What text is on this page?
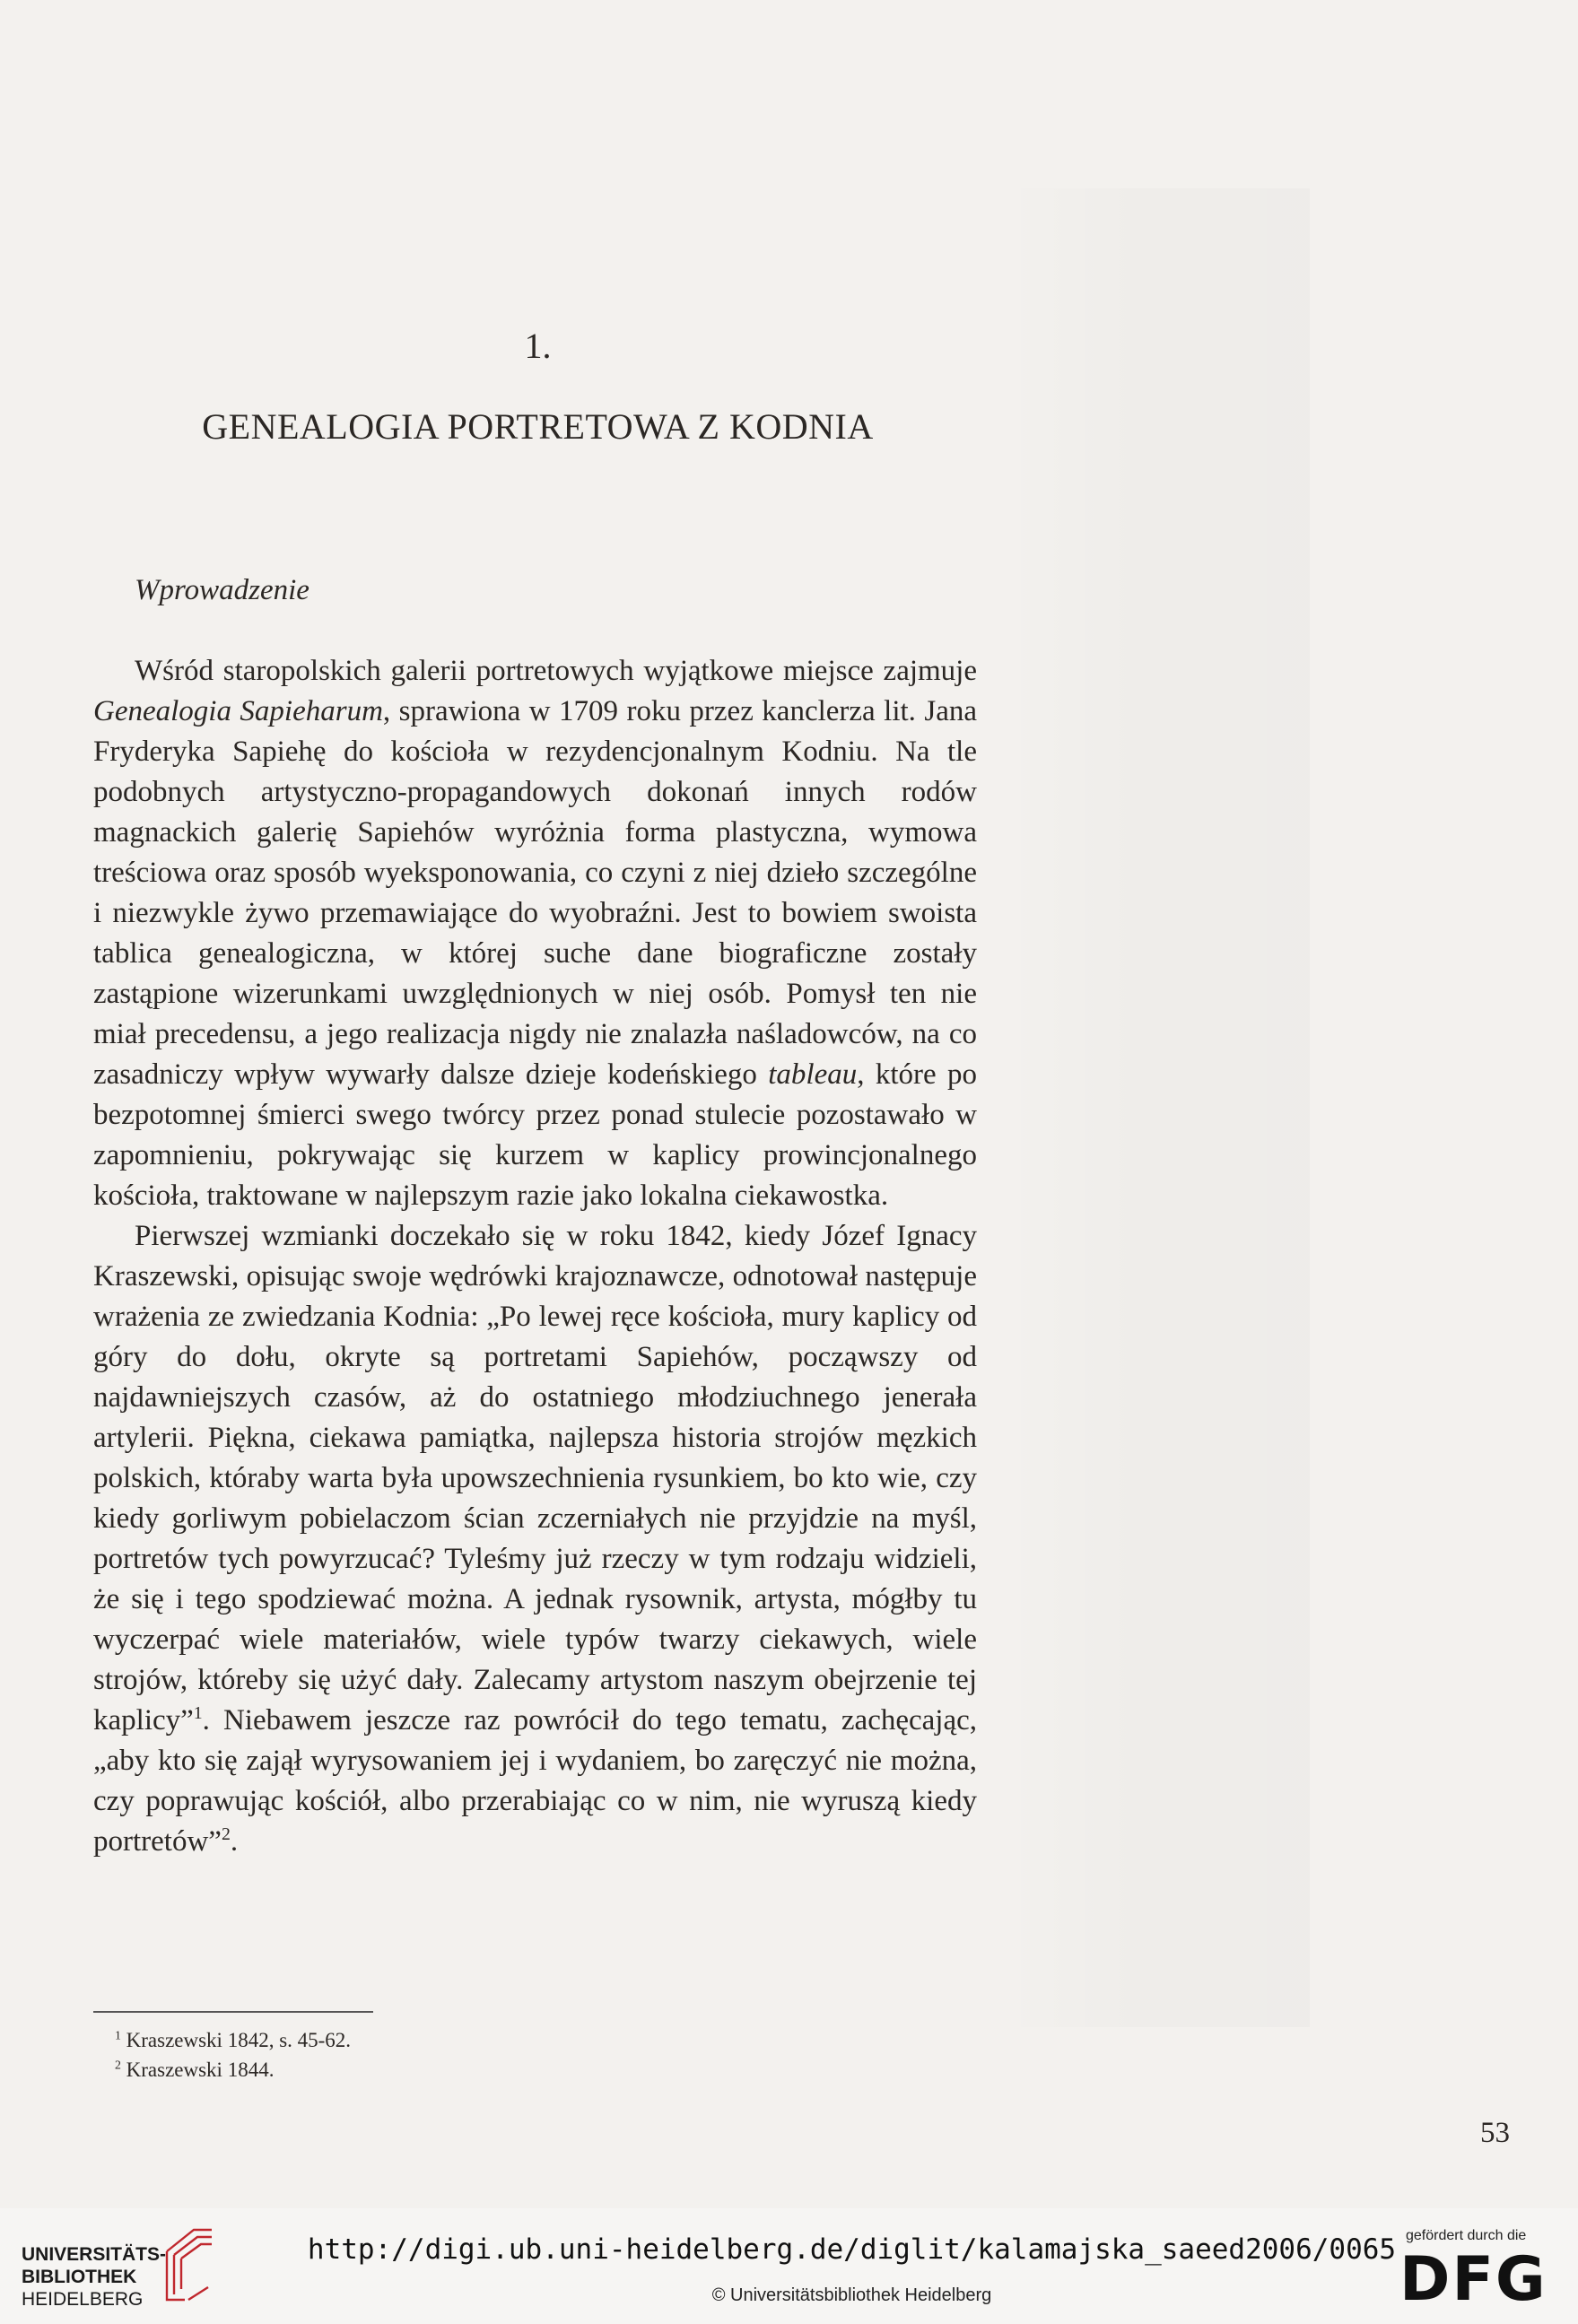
1.
GENEALOGIA PORTRETOWA Z KODNIA
Wprowadzenie

Wśród staropolskich galerii portretowych wyjątkowe miejsce zajmuje Genealogia Sapieharum, sprawiona w 1709 roku przez kanclerza lit. Jana Fryderyka Sapiehę do kościoła w rezydencjonalnym Kodniu. Na tle podobnych artystyczno-propagandowych dokonań innych rodów magnackich galerię Sapiehów wyróżnia forma plastyczna, wymowa treściowa oraz sposób wyeksponowania, co czyni z niej dzieło szczególne i niezwykle żywo przemawiające do wyobraźni. Jest to bowiem swoista tablica genealogiczna, w której suche dane biograficzne zostały zastąpione wizerunkami uwzględnionych w niej osób. Pomysł ten nie miał precedensu, a jego realizacja nigdy nie znalazła naśladowców, na co zasadniczy wpływ wywarły dalsze dzieje kodeńskiego tableau, które po bezpotomnej śmierci swego twórcy przez ponad stulecie pozostawało w zapomnieniu, pokrywając się kurzem w kaplicy prowincjonalnego kościoła, traktowane w najlepszym razie jako lokalna ciekawostka.

Pierwszej wzmianki doczekało się w roku 1842, kiedy Józef Ignacy Kraszewski, opisując swoje wędrówki krajoznawcze, odnotował następuje wrażenia ze zwiedzania Kodnia: „Po lewej ręce kościoła, mury kaplicy od góry do dołu, okryte są portretami Sapiehów, począwszy od najdawniejszych czasów, aż do ostatniego młodziuchnego jenerała artylerii. Piękna, ciekawa pamiątka, najlepsza historia strojów męzkich polskich, któraby warta była upowszechnienia rysunkiem, bo kto wie, czy kiedy gorliwym pobielaczom ścian zczerniałych nie przyjdzie na myśl, portretów tych powyrzucać? Tyleśmy już rzeczy w tym rodzaju widzieli, że się i tego spodziewać można. A jednak rysownik, artysta, mógłby tu wyczerpać wiele materiałów, wiele typów twarzy ciekawych, wiele strojów, któreby się użyć dały. Zalecamy artystom naszym obejrzenie tej kaplicy”$^1$. Niebawem jeszcze raz powrócił do tego tematu, zachęcając, „aby kto się zajął wyrysowaniem jej i wydaniem, bo zaręczyć nie można, czy poprawując kościół, albo przerabiając co w nim, nie wyruszą kiedy portretów”$^2$.

$^1$ Kraszewski 1842, s. 45-62.
$^2$ Kraszewski 1844.
53
UNIVERSITÄTS-
BIBLIOTHEK
HEIDELBERG
http://digi.ub.uni-heidelberg.de/diglit/kalamajska_saeed2006/0065
© Universitätsbibliothek Heidelberg
gefördert durch die
DFG
